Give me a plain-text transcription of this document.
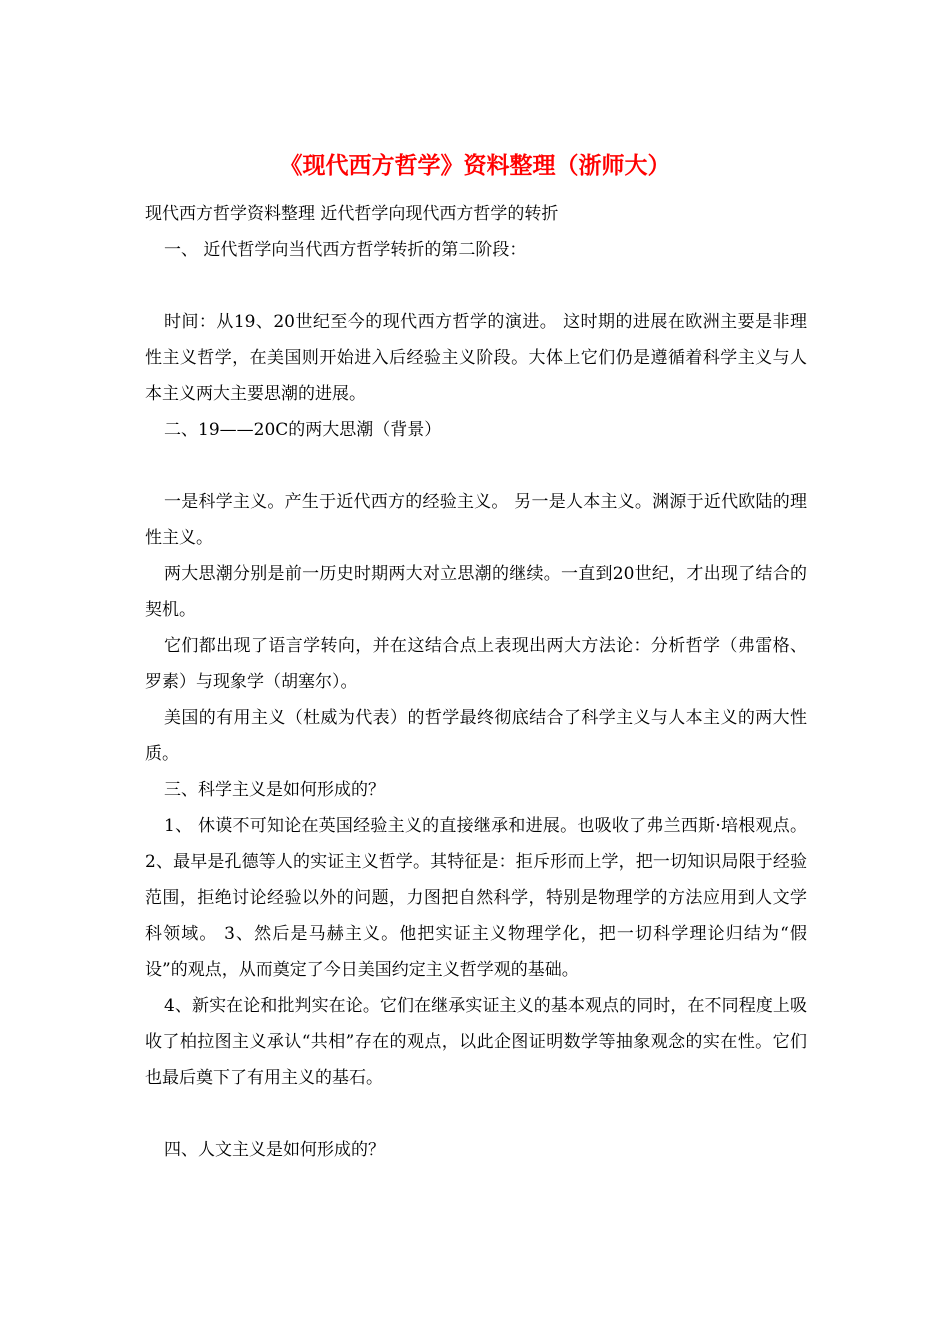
《现代西方哲学》资料整理（浙师大）

现代西方哲学资料整理 近代哲学向现代西方哲学的转折

一、 近代哲学向当代西方哲学转折的第二阶段：

时间：从19、20世纪至今的现代西方哲学的演进。 这时期的进展在欧洲主要是非理性主义哲学，在美国则开始进入后经验主义阶段。大体上它们仍是遵循着科学主义与人本主义两大主要思潮的进展。

二、19——20C的两大思潮（背景）

一是科学主义。产生于近代西方的经验主义。 另一是人本主义。渊源于近代欧陆的理性主义。

两大思潮分别是前一历史时期两大对立思潮的继续。一直到20世纪，才出现了结合的契机。

它们都出现了语言学转向，并在这结合点上表现出两大方法论：分析哲学（弗雷格、罗素）与现象学（胡塞尔）。

美国的有用主义（杜威为代表）的哲学最终彻底结合了科学主义与人本主义的两大性质。

三、科学主义是如何形成的？

1、 休谟不可知论在英国经验主义的直接继承和进展。也吸收了弗兰西斯·培根观点。 2、最早是孔德等人的实证主义哲学。其特征是：拒斥形而上学，把一切知识局限于经验范围，拒绝讨论经验以外的问题，力图把自然科学，特别是物理学的方法应用到人文学科领域。 3、然后是马赫主义。他把实证主义物理学化，把一切科学理论归结为“假设”的观点，从而奠定了今日美国约定主义哲学观的基础。

4、新实在论和批判实在论。它们在继承实证主义的基本观点的同时，在不同程度上吸收了柏拉图主义承认“共相”存在的观点，以此企图证明数学等抽象观念的实在性。它们也最后奠下了有用主义的基石。

四、人文主义是如何形成的？
